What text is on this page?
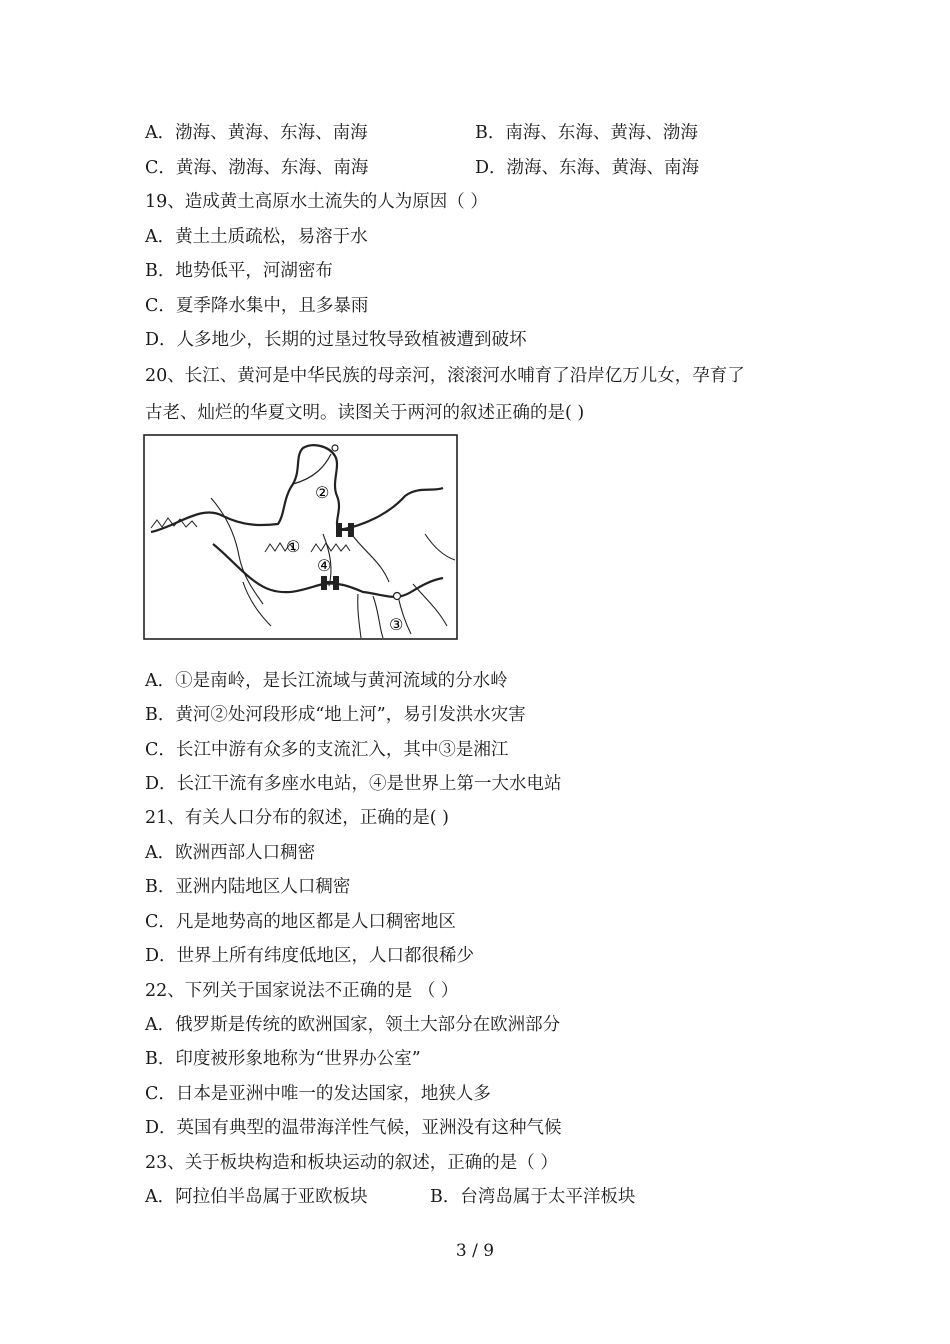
A．渤海、黄海、东海、南海	B．南海、东海、黄海、渤海
C．黄海、渤海、东海、南海	D．渤海、东海、黄海、南海
19、造成黄土高原水土流失的人为原因（ ）
A．黄土土质疏松，易溶于水
B．地势低平，河湖密布
C．夏季降水集中，且多暴雨
D．人多地少，长期的过垦过牧导致植被遭到破坏
20、长江、黄河是中华民族的母亲河，滚滚河水哺育了沿岸亿万儿女，孕育了
古老、灿烂的华夏文明。读图关于两河的叙述正确的是( )
②
①
④
③
A．①是南岭，是长江流域与黄河流域的分水岭
B．黄河②处河段形成“地上河”，易引发洪水灾害
C．长江中游有众多的支流汇入，其中③是湘江
D．长江干流有多座水电站，④是世界上第一大水电站
21、有关人口分布的叙述，正确的是( )
A．欧洲西部人口稠密
B．亚洲内陆地区人口稠密
C．凡是地势高的地区都是人口稠密地区
D．世界上所有纬度低地区，人口都很稀少
22、下列关于国家说法不正确的是 （ ）
A．俄罗斯是传统的欧洲国家，领土大部分在欧洲部分
B．印度被形象地称为“世界办公室”
C．日本是亚洲中唯一的发达国家，地狭人多
D．英国有典型的温带海洋性气候，亚洲没有这种气候
23、关于板块构造和板块运动的叙述，正确的是（ ）
A．阿拉伯半岛属于亚欧板块	B．台湾岛属于太平洋板块
3 / 9
